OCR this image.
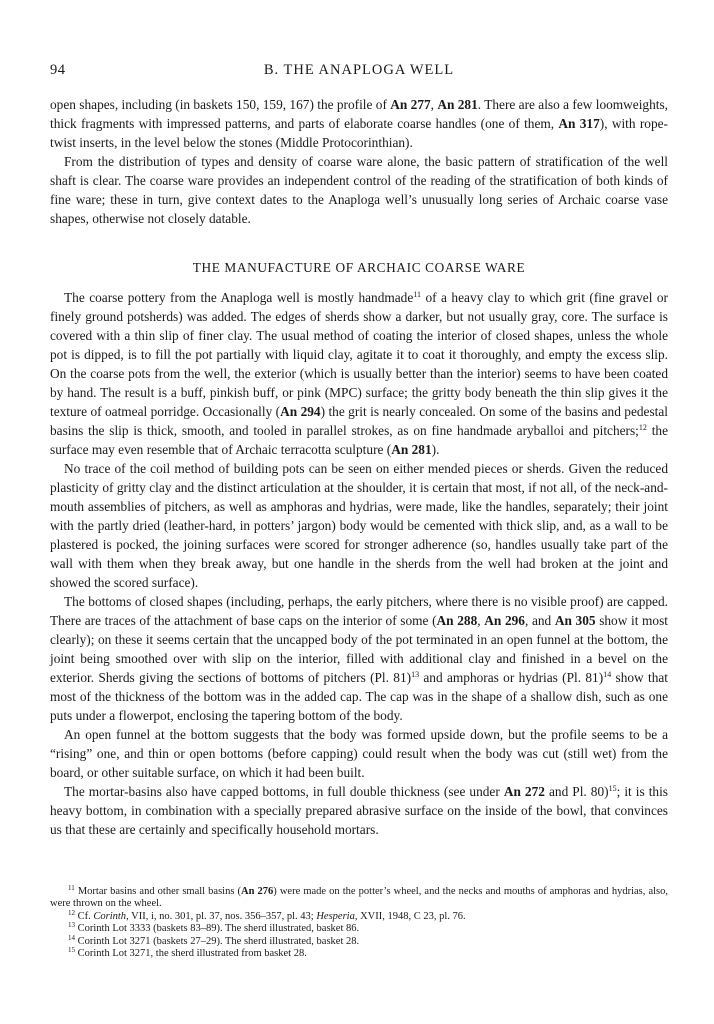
94	B. THE ANAPLOGA WELL

open shapes, including (in baskets 150, 159, 167) the profile of An 277, An 281. There are also a few loomweights, thick fragments with impressed patterns, and parts of elaborate coarse handles (one of them, An 317), with rope-twist inserts, in the level below the stones (Middle Protocorinthian).

From the distribution of types and density of coarse ware alone, the basic pattern of stratification of the well shaft is clear. The coarse ware provides an independent control of the reading of the stratification of both kinds of fine ware; these in turn, give context dates to the Anaploga well’s unusually long series of Archaic coarse vase shapes, otherwise not closely datable.

THE MANUFACTURE OF ARCHAIC COARSE WARE

The coarse pottery from the Anaploga well is mostly handmade$^{11}$ of a heavy clay to which grit (fine gravel or finely ground potsherds) was added. The edges of sherds show a darker, but not usually gray, core. The surface is covered with a thin slip of finer clay. The usual method of coating the interior of closed shapes, unless the whole pot is dipped, is to fill the pot partially with liquid clay, agitate it to coat it thoroughly, and empty the excess slip. On the coarse pots from the well, the exterior (which is usually better than the interior) seems to have been coated by hand. The result is a buff, pinkish buff, or pink (MPC) surface; the gritty body beneath the thin slip gives it the texture of oatmeal porridge. Occasionally (An 294) the grit is nearly concealed. On some of the basins and pedestal basins the slip is thick, smooth, and tooled in parallel strokes, as on fine handmade aryballoi and pitchers;$^{12}$ the surface may even resemble that of Archaic terracotta sculpture (An 281).

No trace of the coil method of building pots can be seen on either mended pieces or sherds. Given the reduced plasticity of gritty clay and the distinct articulation at the shoulder, it is certain that most, if not all, of the neck-and-mouth assemblies of pitchers, as well as amphoras and hydrias, were made, like the handles, separately; their joint with the partly dried (leather-hard, in potters’ jargon) body would be cemented with thick slip, and, as a wall to be plastered is pocked, the joining surfaces were scored for stronger adherence (so, handles usually take part of the wall with them when they break away, but one handle in the sherds from the well had broken at the joint and showed the scored surface).

The bottoms of closed shapes (including, perhaps, the early pitchers, where there is no visible proof) are capped. There are traces of the attachment of base caps on the interior of some (An 288, An 296, and An 305 show it most clearly); on these it seems certain that the uncapped body of the pot terminated in an open funnel at the bottom, the joint being smoothed over with slip on the interior, filled with additional clay and finished in a bevel on the exterior. Sherds giving the sections of bottoms of pitchers (Pl. 81)$^{13}$ and amphoras or hydrias (Pl. 81)$^{14}$ show that most of the thickness of the bottom was in the added cap. The cap was in the shape of a shallow dish, such as one puts under a flowerpot, enclosing the tapering bottom of the body.

An open funnel at the bottom suggests that the body was formed upside down, but the profile seems to be a “rising” one, and thin or open bottoms (before capping) could result when the body was cut (still wet) from the board, or other suitable surface, on which it had been built.

The mortar-basins also have capped bottoms, in full double thickness (see under An 272 and Pl. 80)$^{15}$; it is this heavy bottom, in combination with a specially prepared abrasive surface on the inside of the bowl, that convinces us that these are certainly and specifically household mortars.

$^{11}$ Mortar basins and other small basins (An 276) were made on the potter’s wheel, and the necks and mouths of amphoras and hydrias, also, were thrown on the wheel.
$^{12}$ Cf. Corinth, VII, i, no. 301, pl. 37, nos. 356–357, pl. 43; Hesperia, XVII, 1948, C 23, pl. 76.
$^{13}$ Corinth Lot 3333 (baskets 83–89). The sherd illustrated, basket 86.
$^{14}$ Corinth Lot 3271 (baskets 27–29). The sherd illustrated, basket 28.
$^{15}$ Corinth Lot 3271, the sherd illustrated from basket 28.
